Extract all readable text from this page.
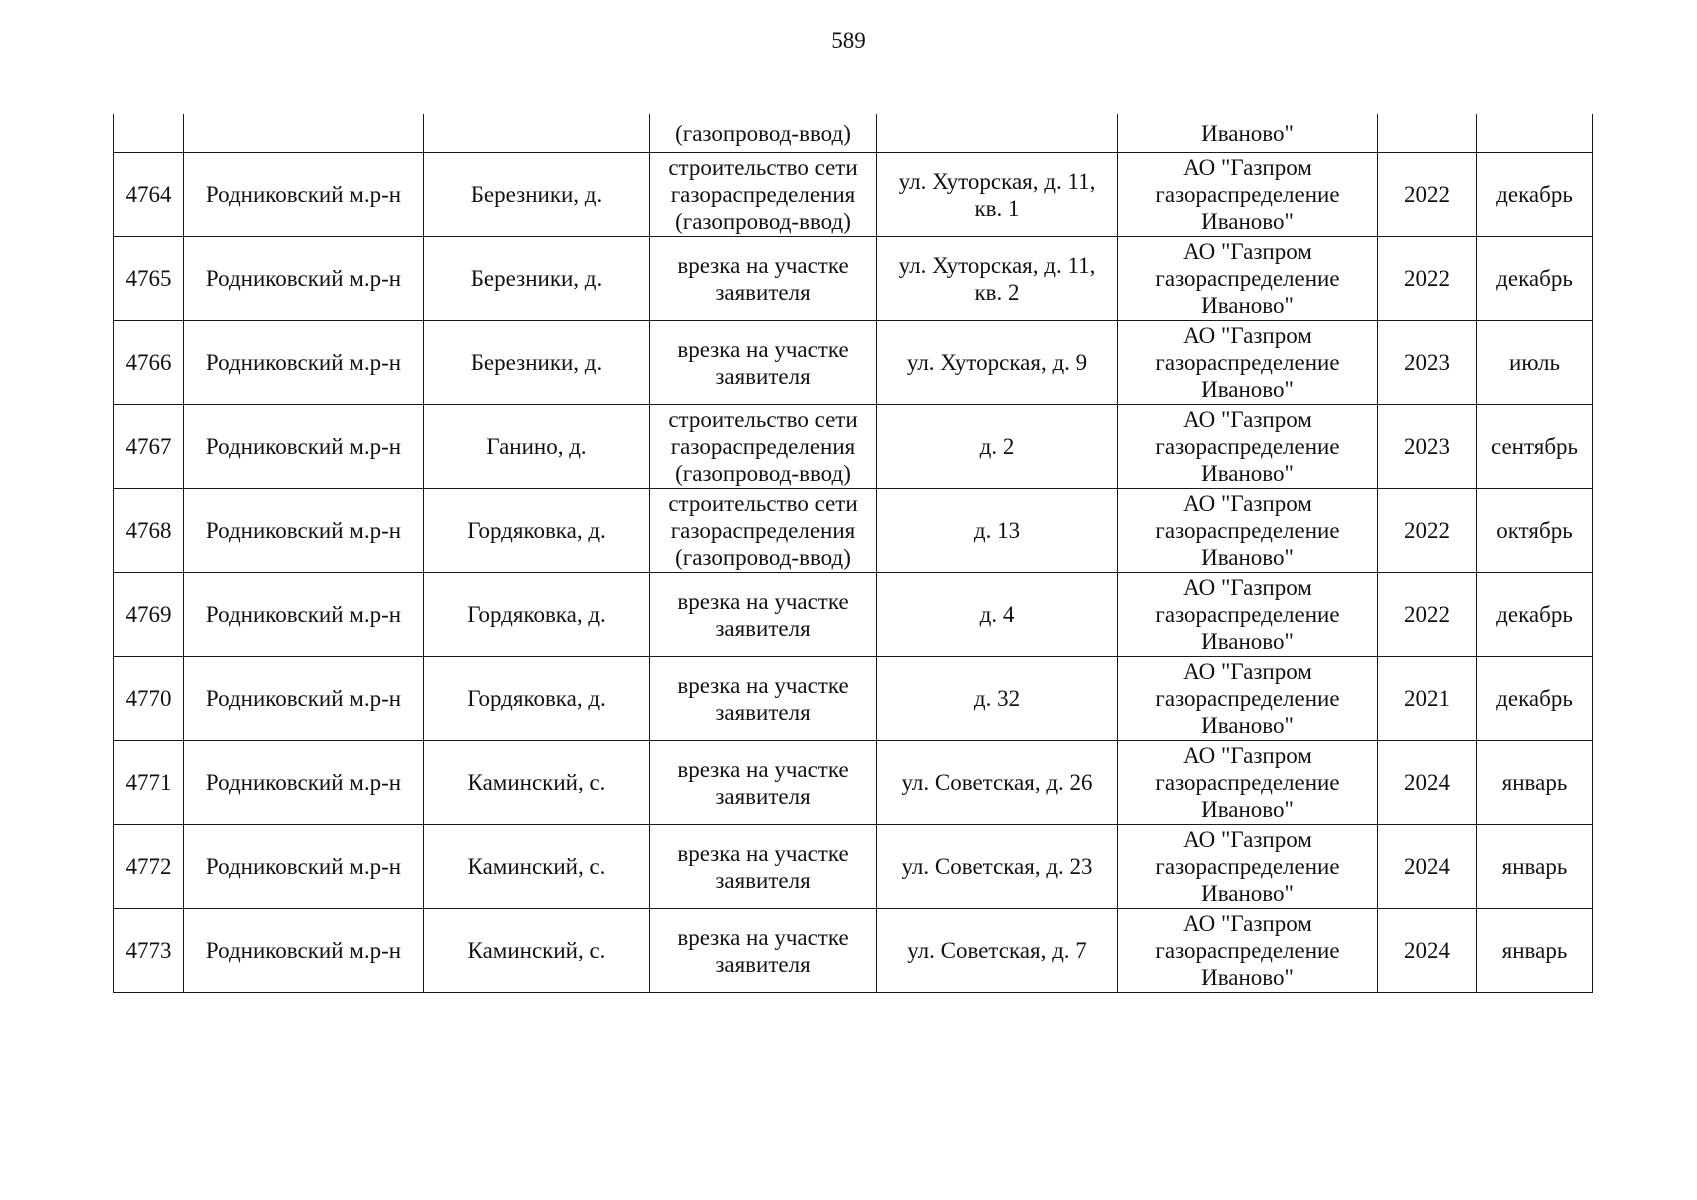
589
			(газопровод-ввод)		Иваново"		
4764	Родниковский м.р-н	Березники, д.	строительство сети
газораспределения
(газопровод-ввод)	ул. Хуторская, д. 11,
кв. 1	АО "Газпром
газораспределение
Иваново"	2022	декабрь
4765	Родниковский м.р-н	Березники, д.	врезка на участке
заявителя	ул. Хуторская, д. 11,
кв. 2	АО "Газпром
газораспределение
Иваново"	2022	декабрь
4766	Родниковский м.р-н	Березники, д.	врезка на участке
заявителя	ул. Хуторская, д. 9	АО "Газпром
газораспределение
Иваново"	2023	июль
4767	Родниковский м.р-н	Ганино, д.	строительство сети
газораспределения
(газопровод-ввод)	д. 2	АО "Газпром
газораспределение
Иваново"	2023	сентябрь
4768	Родниковский м.р-н	Гордяковка, д.	строительство сети
газораспределения
(газопровод-ввод)	д. 13	АО "Газпром
газораспределение
Иваново"	2022	октябрь
4769	Родниковский м.р-н	Гордяковка, д.	врезка на участке
заявителя	д. 4	АО "Газпром
газораспределение
Иваново"	2022	декабрь
4770	Родниковский м.р-н	Гордяковка, д.	врезка на участке
заявителя	д. 32	АО "Газпром
газораспределение
Иваново"	2021	декабрь
4771	Родниковский м.р-н	Каминский, с.	врезка на участке
заявителя	ул. Советская, д. 26	АО "Газпром
газораспределение
Иваново"	2024	январь
4772	Родниковский м.р-н	Каминский, с.	врезка на участке
заявителя	ул. Советская, д. 23	АО "Газпром
газораспределение
Иваново"	2024	январь
4773	Родниковский м.р-н	Каминский, с.	врезка на участке
заявителя	ул. Советская, д. 7	АО "Газпром
газораспределение
Иваново"	2024	январь
